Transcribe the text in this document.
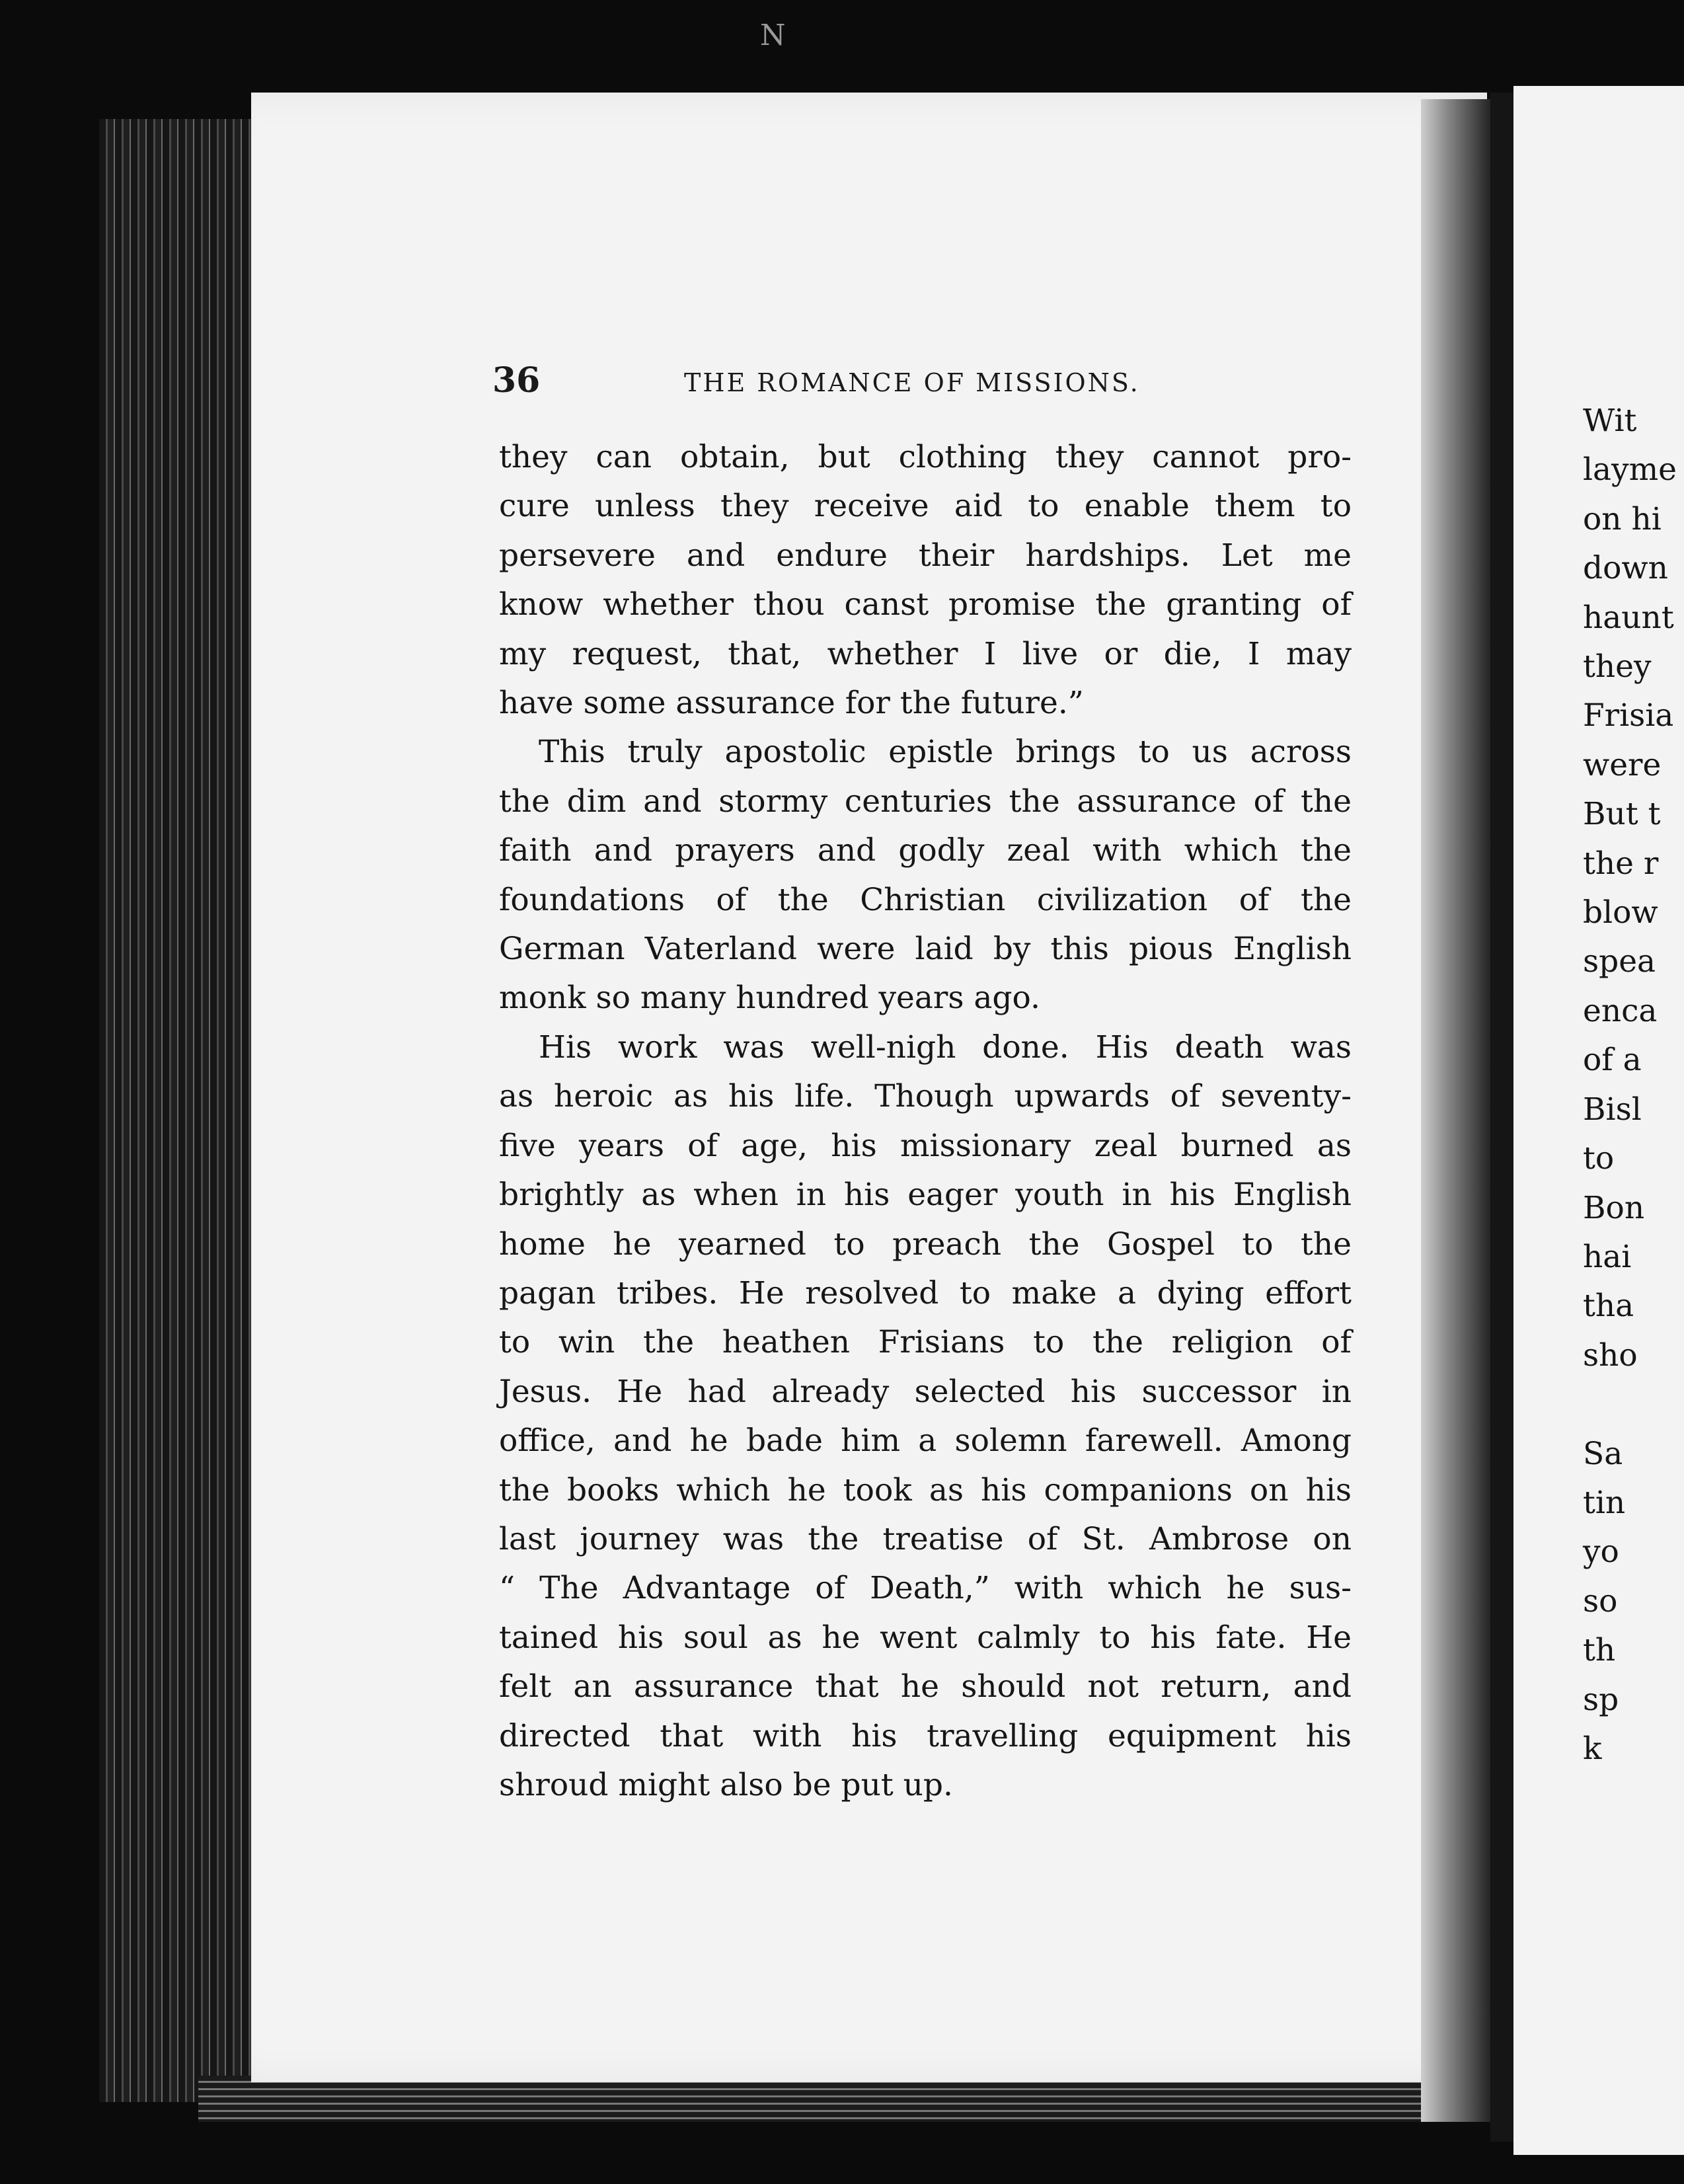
N
36	THE ROMANCE OF MISSIONS.

they can obtain, but clothing they cannot pro-
cure unless they receive aid to enable them to
persevere and endure their hardships. Let me
know whether thou canst promise the granting of
my request, that, whether I live or die, I may
have some assurance for the future.”

This truly apostolic epistle brings to us across
the dim and stormy centuries the assurance of the
faith and prayers and godly zeal with which the
foundations of the Christian civilization of the
German Vaterland were laid by this pious English
monk so many hundred years ago.

His work was well-nigh done. His death was
as heroic as his life. Though upwards of seventy-
five years of age, his missionary zeal burned as
brightly as when in his eager youth in his English
home he yearned to preach the Gospel to the
pagan tribes. He resolved to make a dying effort
to win the heathen Frisians to the religion of
Jesus. He had already selected his successor in
office, and he bade him a solemn farewell. Among
the books which he took as his companions on his
last journey was the treatise of St. Ambrose on
“ The Advantage of Death,” with which he sus-
tained his soul as he went calmly to his fate. He
felt an assurance that he should not return, and
directed that with his travelling equipment his
shroud might also be put up.

Wit
layme
on hi
down
haunt
they
Frisia
were
But t
the r
blow
spea
enca
of a
Bisl
to
Bon
hai
tha
sho

Sa
tin
yo
so
th
sp
k
